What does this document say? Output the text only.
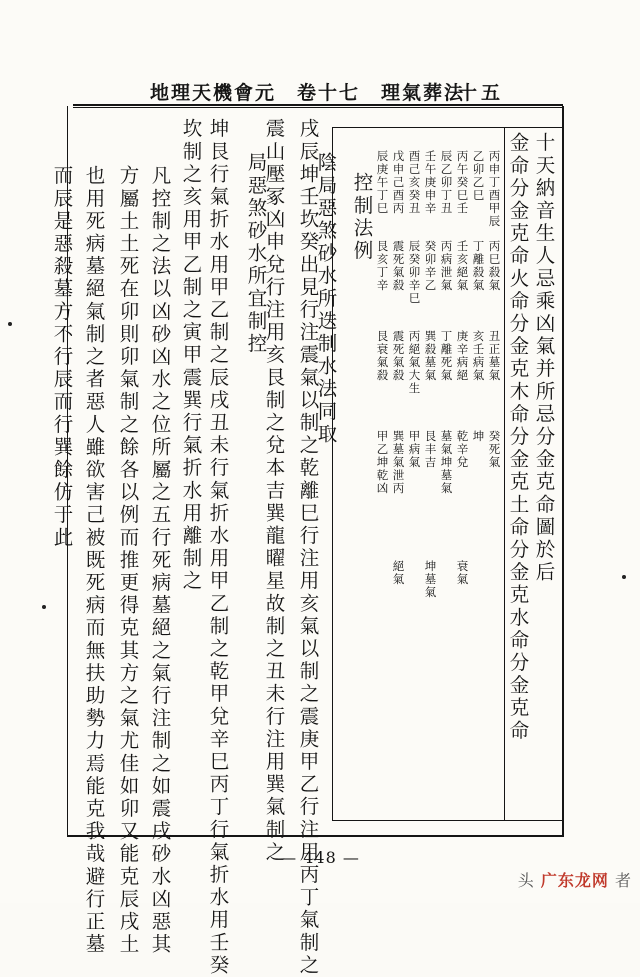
地理天機會元　卷十七　理氣葬法
十五
十天納音生人忌乘凶氣并所忌分金克命圖於后
金命分金克命火命分金克木命分金克土命分金克水命分金克命
丙申丁酉甲辰
乙卯乙巳
丙午癸巳壬
辰乙卯丁丑
壬午庚申辛
酉己亥癸丑
戊申己酉丙
辰庚午丁巳
丙巳殺氣
丁離殺氣
壬亥絕氣
丙病泄氣
癸卯辛乙
辰癸卯辛巳
震死氣殺
艮亥丁辛
丑正墓氣
亥壬病氣
庚辛病絕
丁離死氣
巽殺墓氣
丙絕氣大生
震死氣殺
艮衰氣殺
癸死氣
坤
乾辛兌
墓氣坤墓氣
艮丰吉
甲病氣
巽墓氣泄丙
甲乙坤乾凶
衰氣
坤墓氣
絕氣
控制法例
陰局惡煞砂水所迭制水法同取
戌辰坤壬坎癸出見行注震氣以制之乾離巳行注用亥氣以制之震庚甲乙行注用丙丁氣制之
震山壓冢凶申兌行注用亥艮制之兌本吉巽龍曜星故制之丑未行注用巽氣制之
局惡煞砂水所宜制控
坤艮行氣折水用甲乙制之辰戌丑未行氣折水用甲乙制之乾甲兌辛巳丙丁行氣折水用壬癸
坎制之亥用甲乙制之寅甲震巽行氣折水用離制之
凡控制之法以凶砂凶水之位所屬之五行死病墓絕之氣行注制之如震戌砂水凶惡其
方屬土土死在卯則卯氣制之餘各以例而推更得克其方之氣尤佳如卯又能克辰戌土
也用死病墓絕氣制之者惡人雖欲害己被既死病而無扶助勢力焉能克我哉避行正墓
而辰是惡殺墓方不行辰而行巽餘仿于此
— 448 —
头 广东龙网 者
